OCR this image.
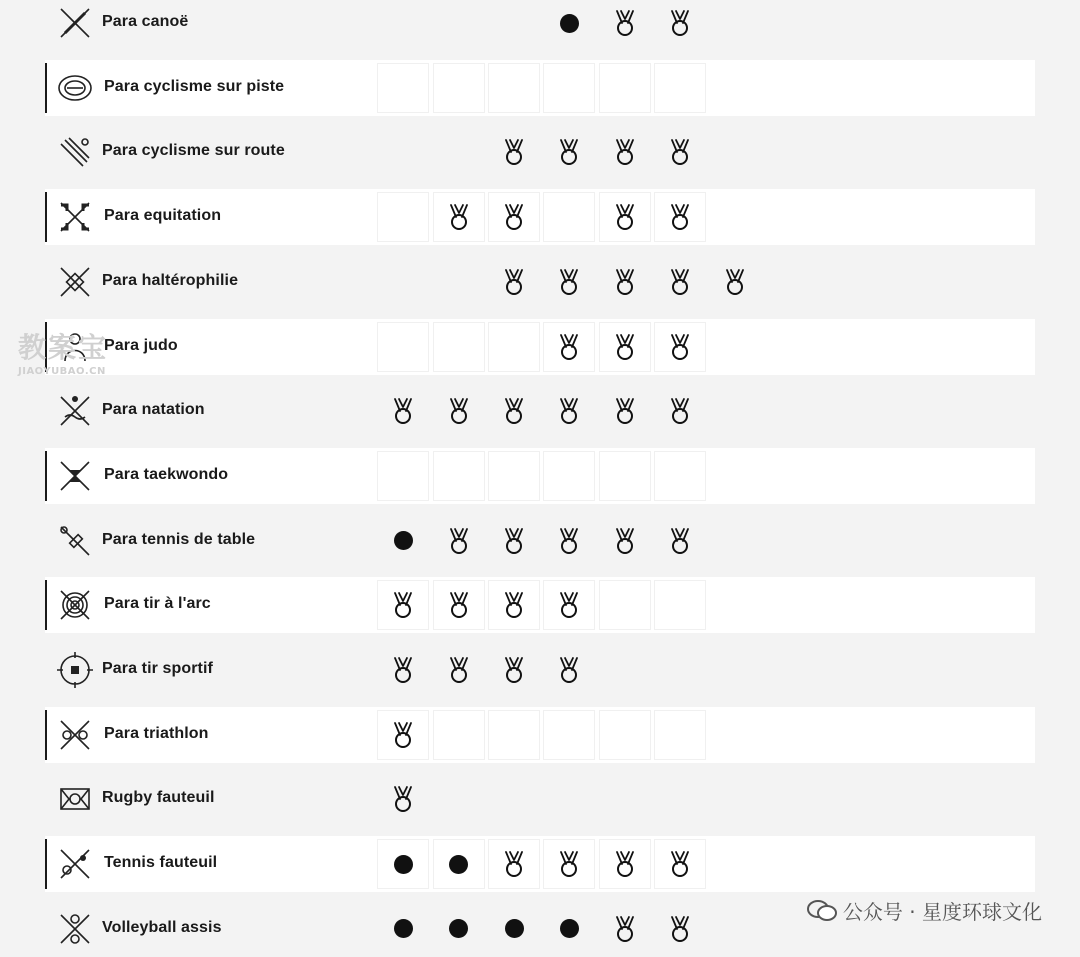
Para canoë
Para cyclisme sur piste
Para cyclisme sur route
Para equitation
Para haltérophilie
Para judo
Para natation
Para taekwondo
Para tennis de table
Para tir à l'arc
Para tir sportif
Para triathlon
Rugby fauteuil
Tennis fauteuil
Volleyball assis
教案宝
JIAOYUBAO.CN
公众号 · 星度环球文化
